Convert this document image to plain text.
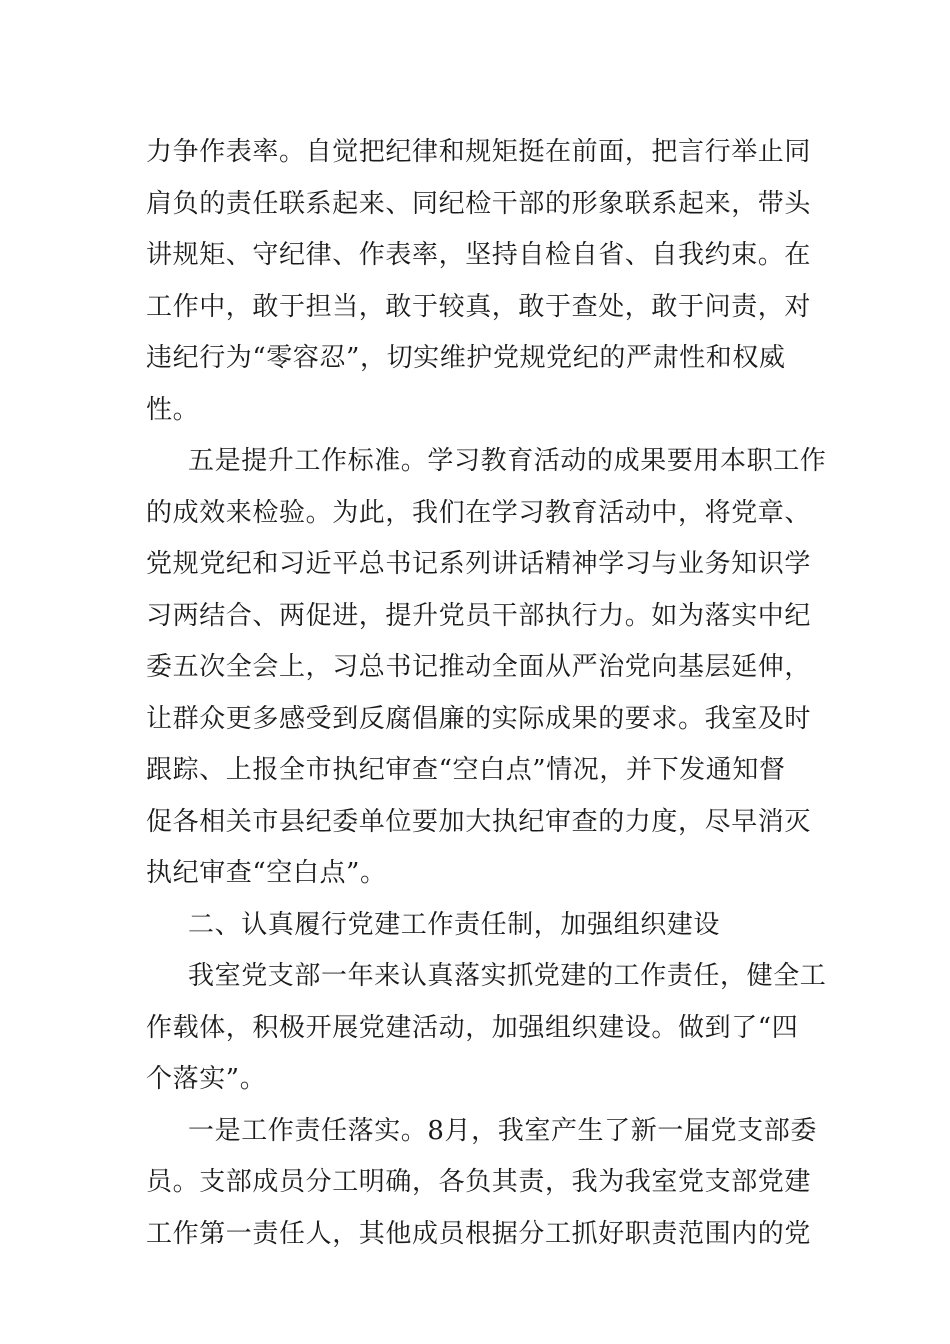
力争作表率。自觉把纪律和规矩挺在前面，把言行举止同
肩负的责任联系起来、同纪检干部的形象联系起来，带头
讲规矩、守纪律、作表率，坚持自检自省、自我约束。在
工作中，敢于担当，敢于较真，敢于查处，敢于问责，对
违纪行为“零容忍”，切实维护党规党纪的严肃性和权威
性。
五是提升工作标准。学习教育活动的成果要用本职工作
的成效来检验。为此，我们在学习教育活动中，将党章、
党规党纪和习近平总书记系列讲话精神学习与业务知识学
习两结合、两促进，提升党员干部执行力。如为落实中纪
委五次全会上，习总书记推动全面从严治党向基层延伸，
让群众更多感受到反腐倡廉的实际成果的要求。我室及时
跟踪、上报全市执纪审查“空白点”情况，并下发通知督
促各相关市县纪委单位要加大执纪审查的力度，尽早消灭
执纪审查“空白点”。
二、认真履行党建工作责任制，加强组织建设
我室党支部一年来认真落实抓党建的工作责任，健全工
作载体，积极开展党建活动，加强组织建设。做到了“四
个落实”。
一是工作责任落实。8月，我室产生了新一届党支部委
员。支部成员分工明确，各负其责，我为我室党支部党建
工作第一责任人，其他成员根据分工抓好职责范围内的党
